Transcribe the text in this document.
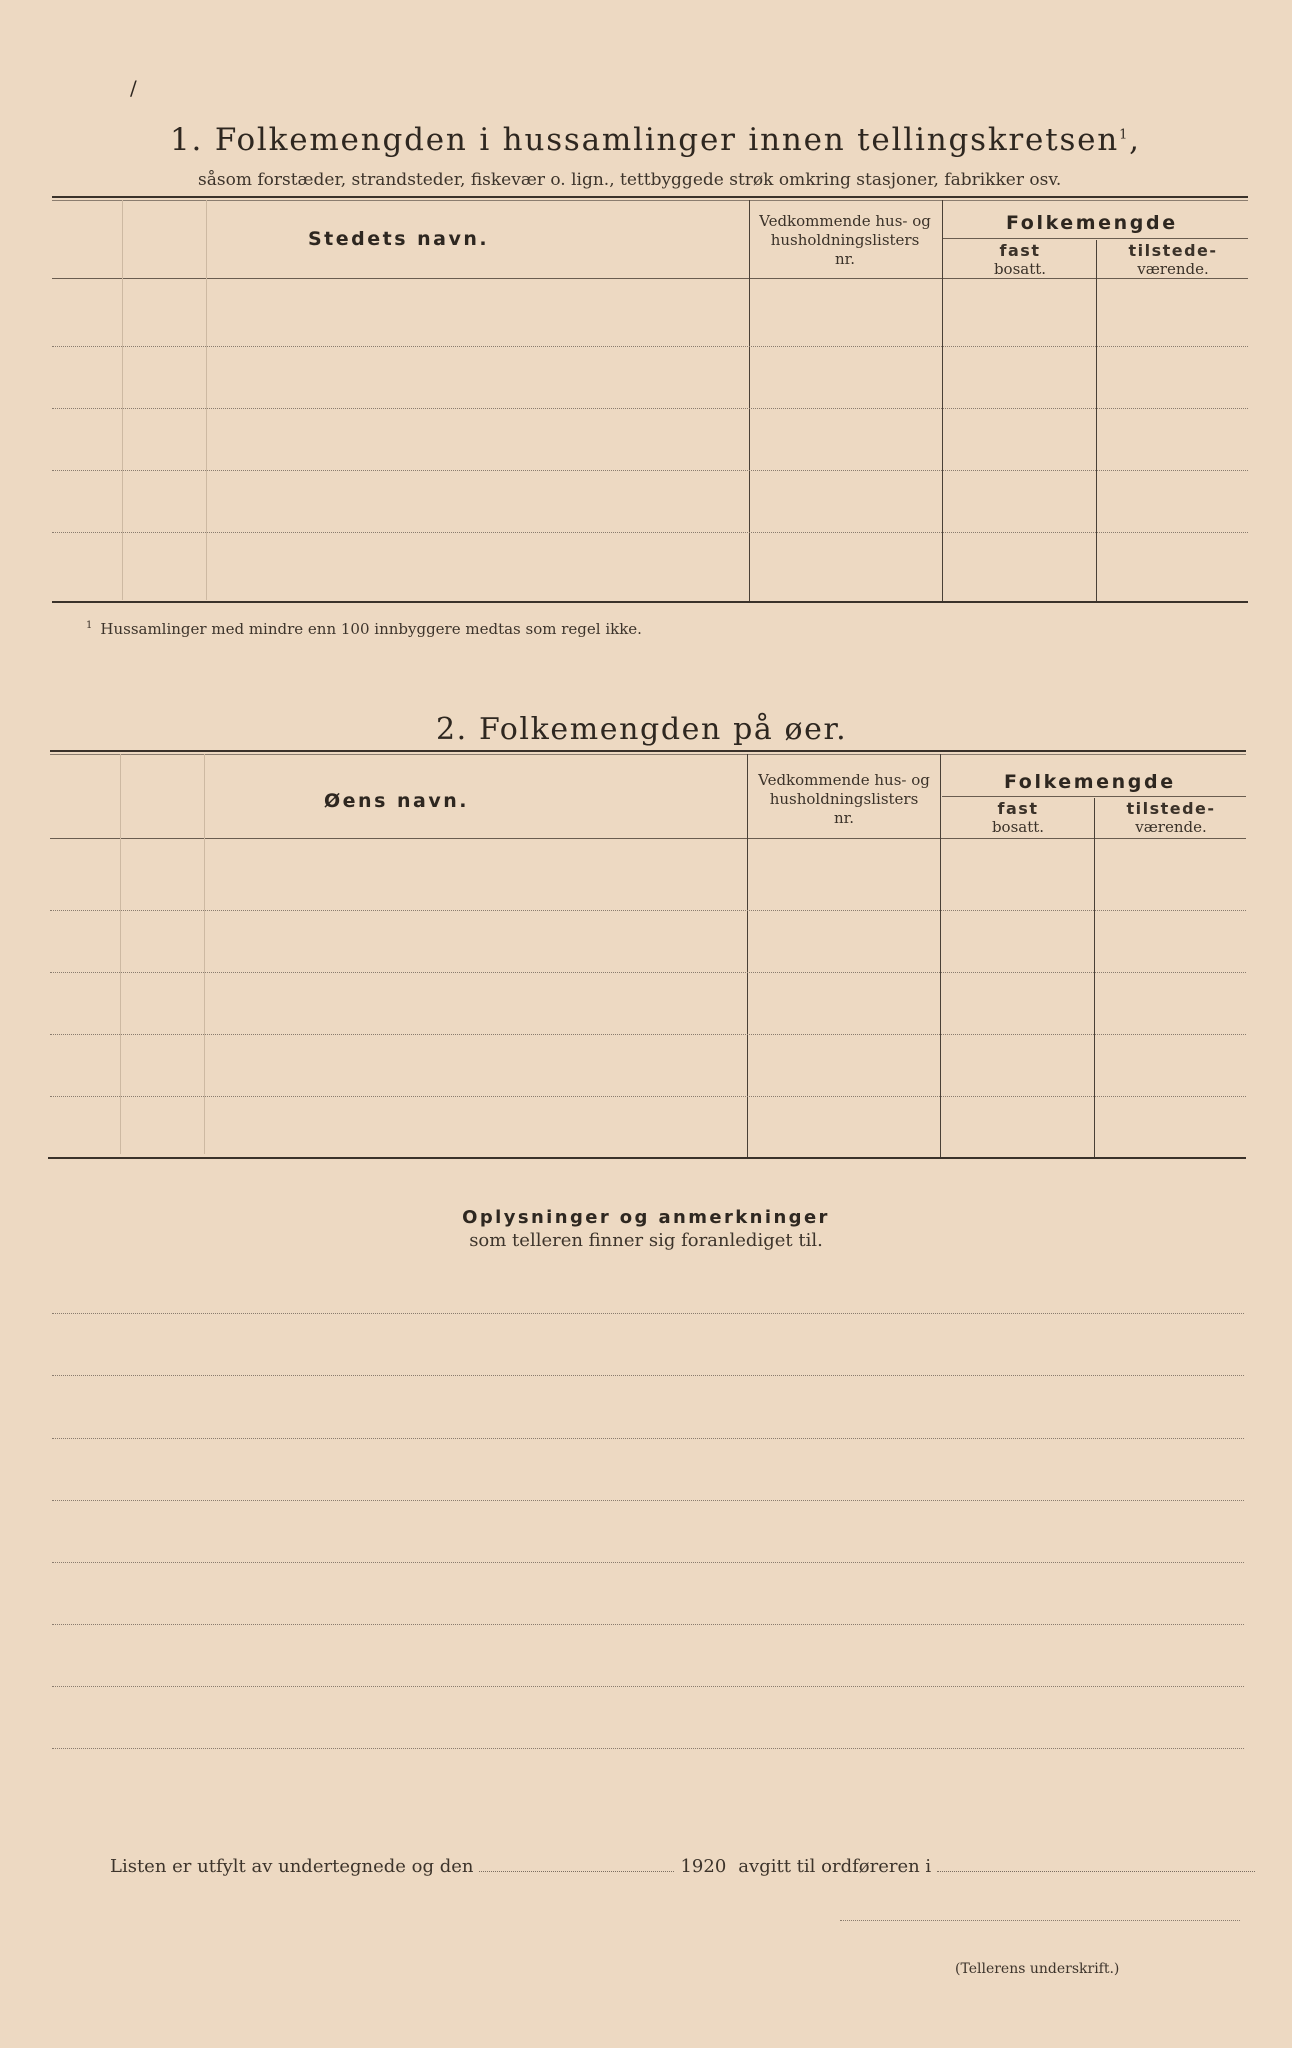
/
1. Folkemengden i hussamlinger innen tellingskretsen$^1$,
såsom forstæder, strandsteder, fiskevær o. lign., tettbyggede strøk omkring stasjoner, fabrikker osv.
Stedets navn.
Vedkommende hus- og
husholdningslisters
nr.
Folkemengde
fast
bosatt.
tilstede-
værende.
$^1$ Hussamlinger med mindre enn 100 innbyggere medtas som regel ikke.
2. Folkemengden på øer.
Øens navn.
Vedkommende hus- og
husholdningslisters
nr.
Folkemengde
fast
bosatt.
tilstede-
værende.
Oplysninger og anmerkninger
som telleren finner sig foranlediget til.
Listen er utfylt av undertegnede og den	1920 avgitt til ordføreren i
(Tellerens underskrift.)
